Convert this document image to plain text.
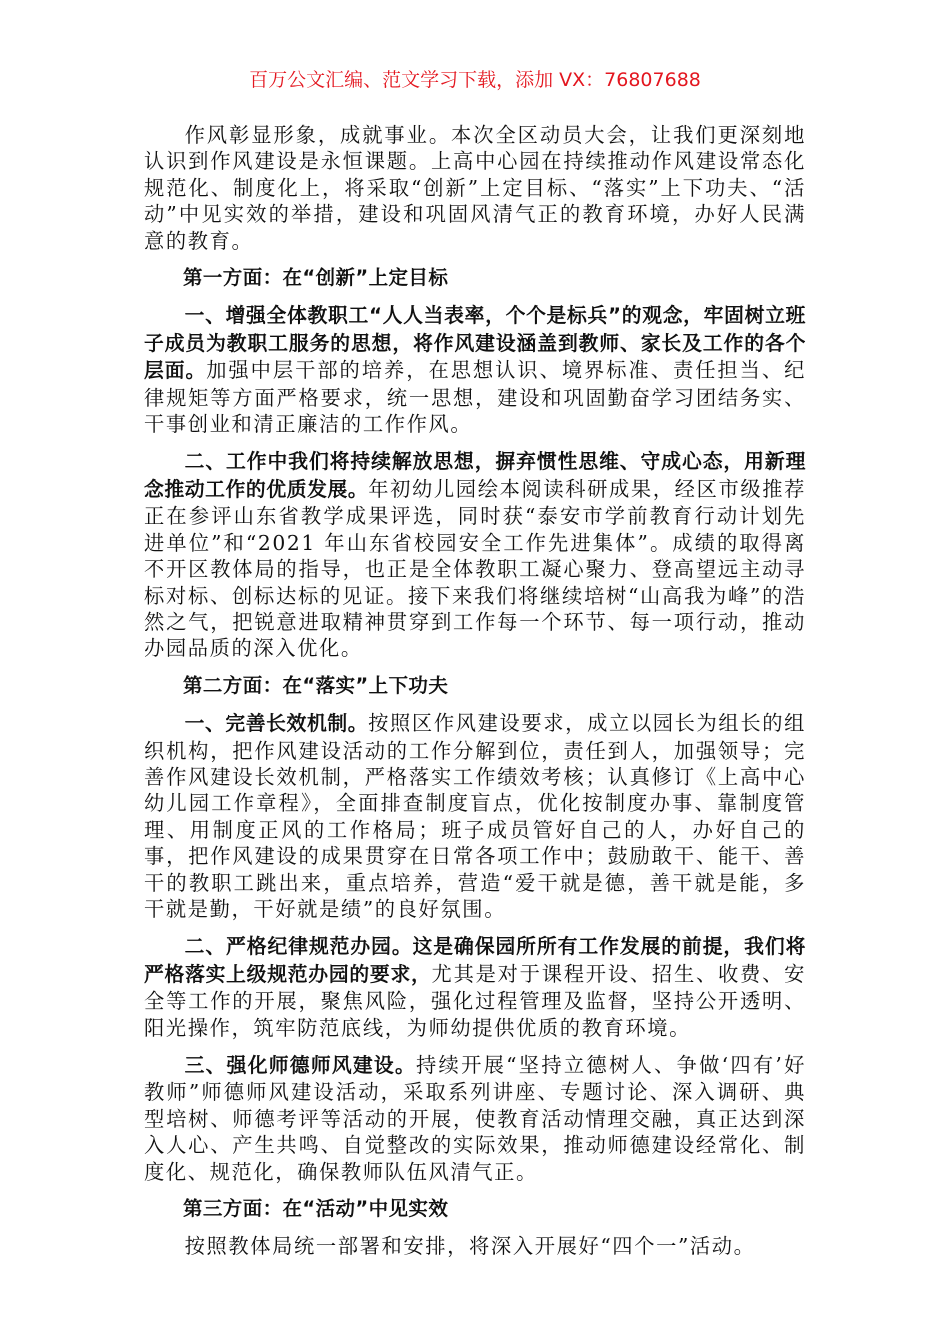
百万公文汇编、范文学习下载，添加 VX：76807688

作风彰显形象，成就事业。本次全区动员大会，让我们更深刻地认识到作风建设是永恒课题。上高中心园在持续推动作风建设常态化规范化、制度化上，将采取“创新”上定目标、“落实”上下功夫、“活动”中见实效的举措，建设和巩固风清气正的教育环境，办好人民满意的教育。

第一方面：在“创新”上定目标

一、增强全体教职工“人人当表率，个个是标兵”的观念，牢固树立班子成员为教职工服务的思想，将作风建设涵盖到教师、家长及工作的各个层面。加强中层干部的培养，在思想认识、境界标准、责任担当、纪律规矩等方面严格要求，统一思想，建设和巩固勤奋学习团结务实、干事创业和清正廉洁的工作作风。

二、工作中我们将持续解放思想，摒弃惯性思维、守成心态，用新理念推动工作的优质发展。年初幼儿园绘本阅读科研成果，经区市级推荐正在参评山东省教学成果评选，同时获“泰安市学前教育行动计划先进单位”和“2021 年山东省校园安全工作先进集体”。成绩的取得离不开区教体局的指导，也正是全体教职工凝心聚力、登高望远主动寻标对标、创标达标的见证。接下来我们将继续培树“山高我为峰”的浩然之气，把锐意进取精神贯穿到工作每一个环节、每一项行动，推动办园品质的深入优化。

第二方面：在“落实”上下功夫

一、完善长效机制。按照区作风建设要求，成立以园长为组长的组织机构，把作风建设活动的工作分解到位，责任到人，加强领导；完善作风建设长效机制，严格落实工作绩效考核；认真修订《上高中心幼儿园工作章程》，全面排查制度盲点，优化按制度办事、靠制度管理、用制度正风的工作格局；班子成员管好自己的人，办好自己的事，把作风建设的成果贯穿在日常各项工作中；鼓励敢干、能干、善干的教职工跳出来，重点培养，营造“爱干就是德，善干就是能，多干就是勤，干好就是绩”的良好氛围。

二、严格纪律规范办园。这是确保园所所有工作发展的前提，我们将严格落实上级规范办园的要求，尤其是对于课程开设、招生、收费、安全等工作的开展，聚焦风险，强化过程管理及监督，坚持公开透明、阳光操作，筑牢防范底线，为师幼提供优质的教育环境。

三、强化师德师风建设。持续开展“坚持立德树人、争做‘四有’好教师”师德师风建设活动，采取系列讲座、专题讨论、深入调研、典型培树、师德考评等活动的开展，使教育活动情理交融，真正达到深入人心、产生共鸣、自觉整改的实际效果，推动师德建设经常化、制度化、规范化，确保教师队伍风清气正。

第三方面：在“活动”中见实效

按照教体局统一部署和安排，将深入开展好“四个一”活动。
